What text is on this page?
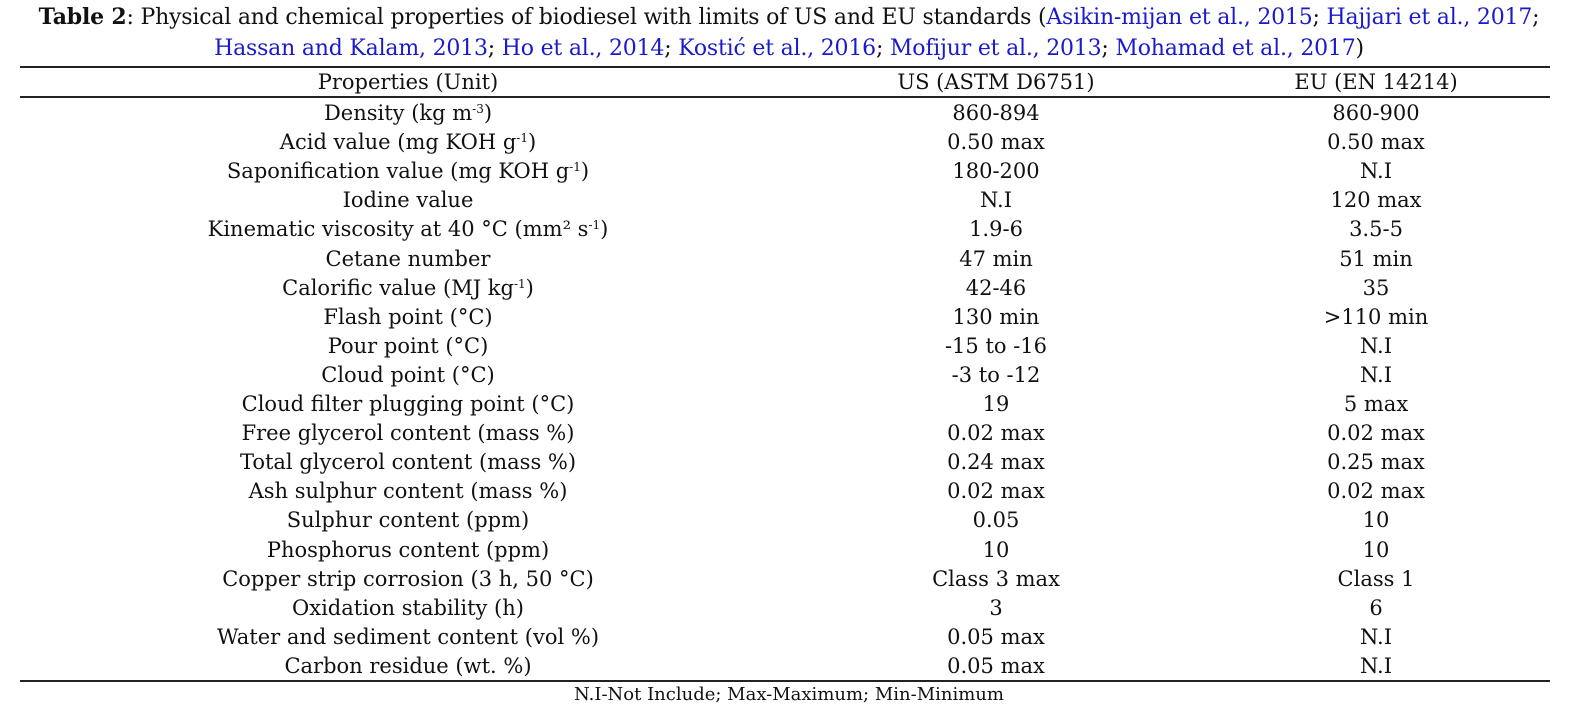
Table 2: Physical and chemical properties of biodiesel with limits of US and EU standards (Asikin-mijan et al., 2015; Hajjari et al., 2017; Hassan and Kalam, 2013; Ho et al., 2014; Kostić et al., 2016; Mofijur et al., 2013; Mohamad et al., 2017)
Properties (Unit)	US (ASTM D6751)	EU (EN 14214)
Density (kg $m^{-3}$)	860-894	860-900
Acid value (mg KOH $g^{-1}$)	0.50 max	0.50 max
Saponification value (mg KOH $g^{-1}$)	180-200	N.I
Iodine value	N.I	120 max
Kinematic viscosity at 40 °C (mm² $s^{-1}$)	1.9-6	3.5-5
Cetane number	47 min	51 min
Calorific value (MJ $kg^{-1}$)	42-46	35
Flash point (°C)	130 min	>110 min
Pour point (°C)	-15 to -16	N.I
Cloud point (°C)	-3 to -12	N.I
Cloud filter plugging point (°C)	19	5 max
Free glycerol content (mass %)	0.02 max	0.02 max
Total glycerol content (mass %)	0.24 max	0.25 max
Ash sulphur content (mass %)	0.02 max	0.02 max
Sulphur content (ppm)	0.05	10
Phosphorus content (ppm)	10	10
Copper strip corrosion (3 h, 50 °C)	Class 3 max	Class 1
Oxidation stability (h)	3	6
Water and sediment content (vol %)	0.05 max	N.I
Carbon residue (wt. %)	0.05 max	N.I
N.I-Not Include; Max-Maximum; Min-Minimum
